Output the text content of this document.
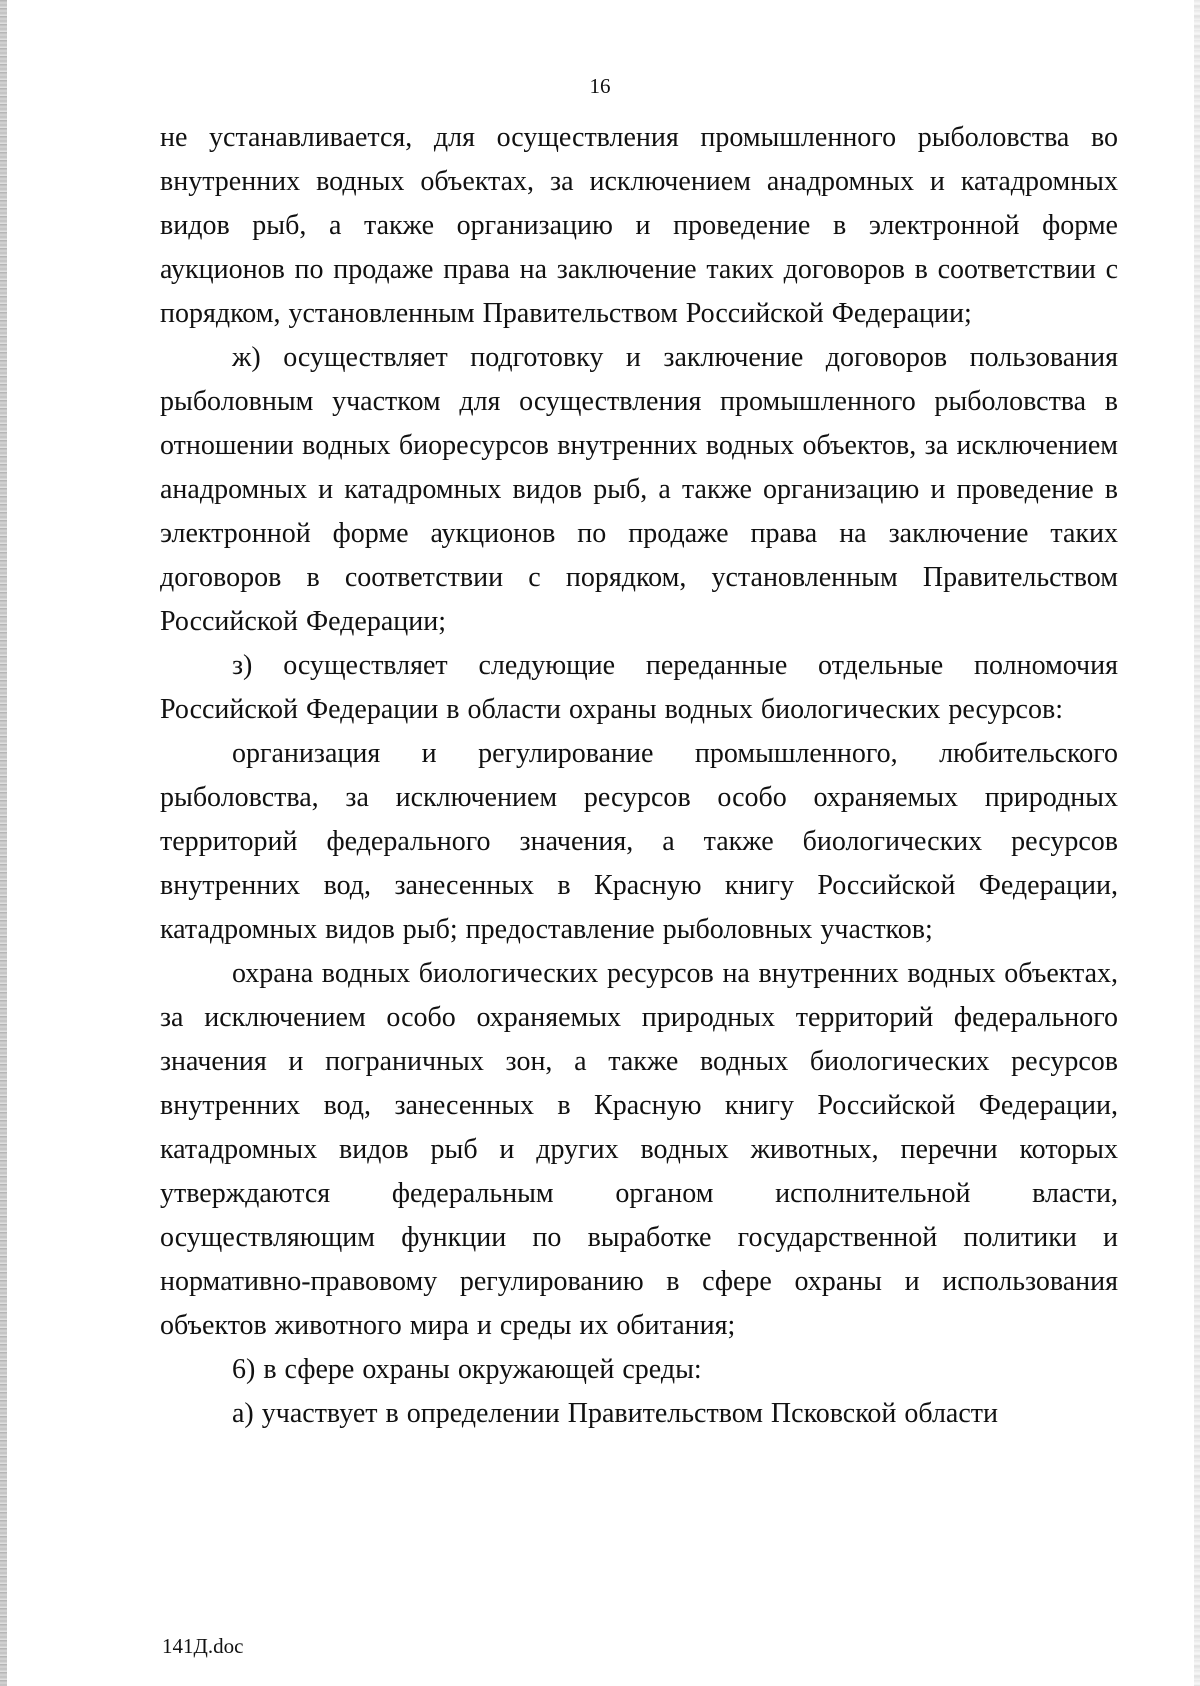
16

не устанавливается, для осуществления промышленного рыболовства во внутренних водных объектах, за исключением анадромных и катадромных видов рыб, а также организацию и проведение в электронной форме аукционов по продаже права на заключение таких договоров в соответствии с порядком, установленным Правительством Российской Федерации;

ж) осуществляет подготовку и заключение договоров пользования рыболовным участком для осуществления промышленного рыболовства в отношении водных биоресурсов внутренних водных объектов, за исключением анадромных и катадромных видов рыб, а также организацию и проведение в электронной форме аукционов по продаже права на заключение таких договоров в соответствии с порядком, установленным Правительством Российской Федерации;

з) осуществляет следующие переданные отдельные полномочия Российской Федерации в области охраны водных биологических ресурсов:

организация и регулирование промышленного, любительского рыболовства, за исключением ресурсов особо охраняемых природных территорий федерального значения, а также биологических ресурсов внутренних вод, занесенных в Красную книгу Российской Федерации, катадромных видов рыб; предоставление рыболовных участков;

охрана водных биологических ресурсов на внутренних водных объектах, за исключением особо охраняемых природных территорий федерального значения и пограничных зон, а также водных биологических ресурсов внутренних вод, занесенных в Красную книгу Российской Федерации, катадромных видов рыб и других водных животных, перечни которых утверждаются федеральным органом исполнительной власти, осуществляющим функции по выработке государственной политики и нормативно-правовому регулированию в сфере охраны и использования объектов животного мира и среды их обитания;

6) в сфере охраны окружающей среды:

а) участвует в определении Правительством Псковской области

141Д.doc
